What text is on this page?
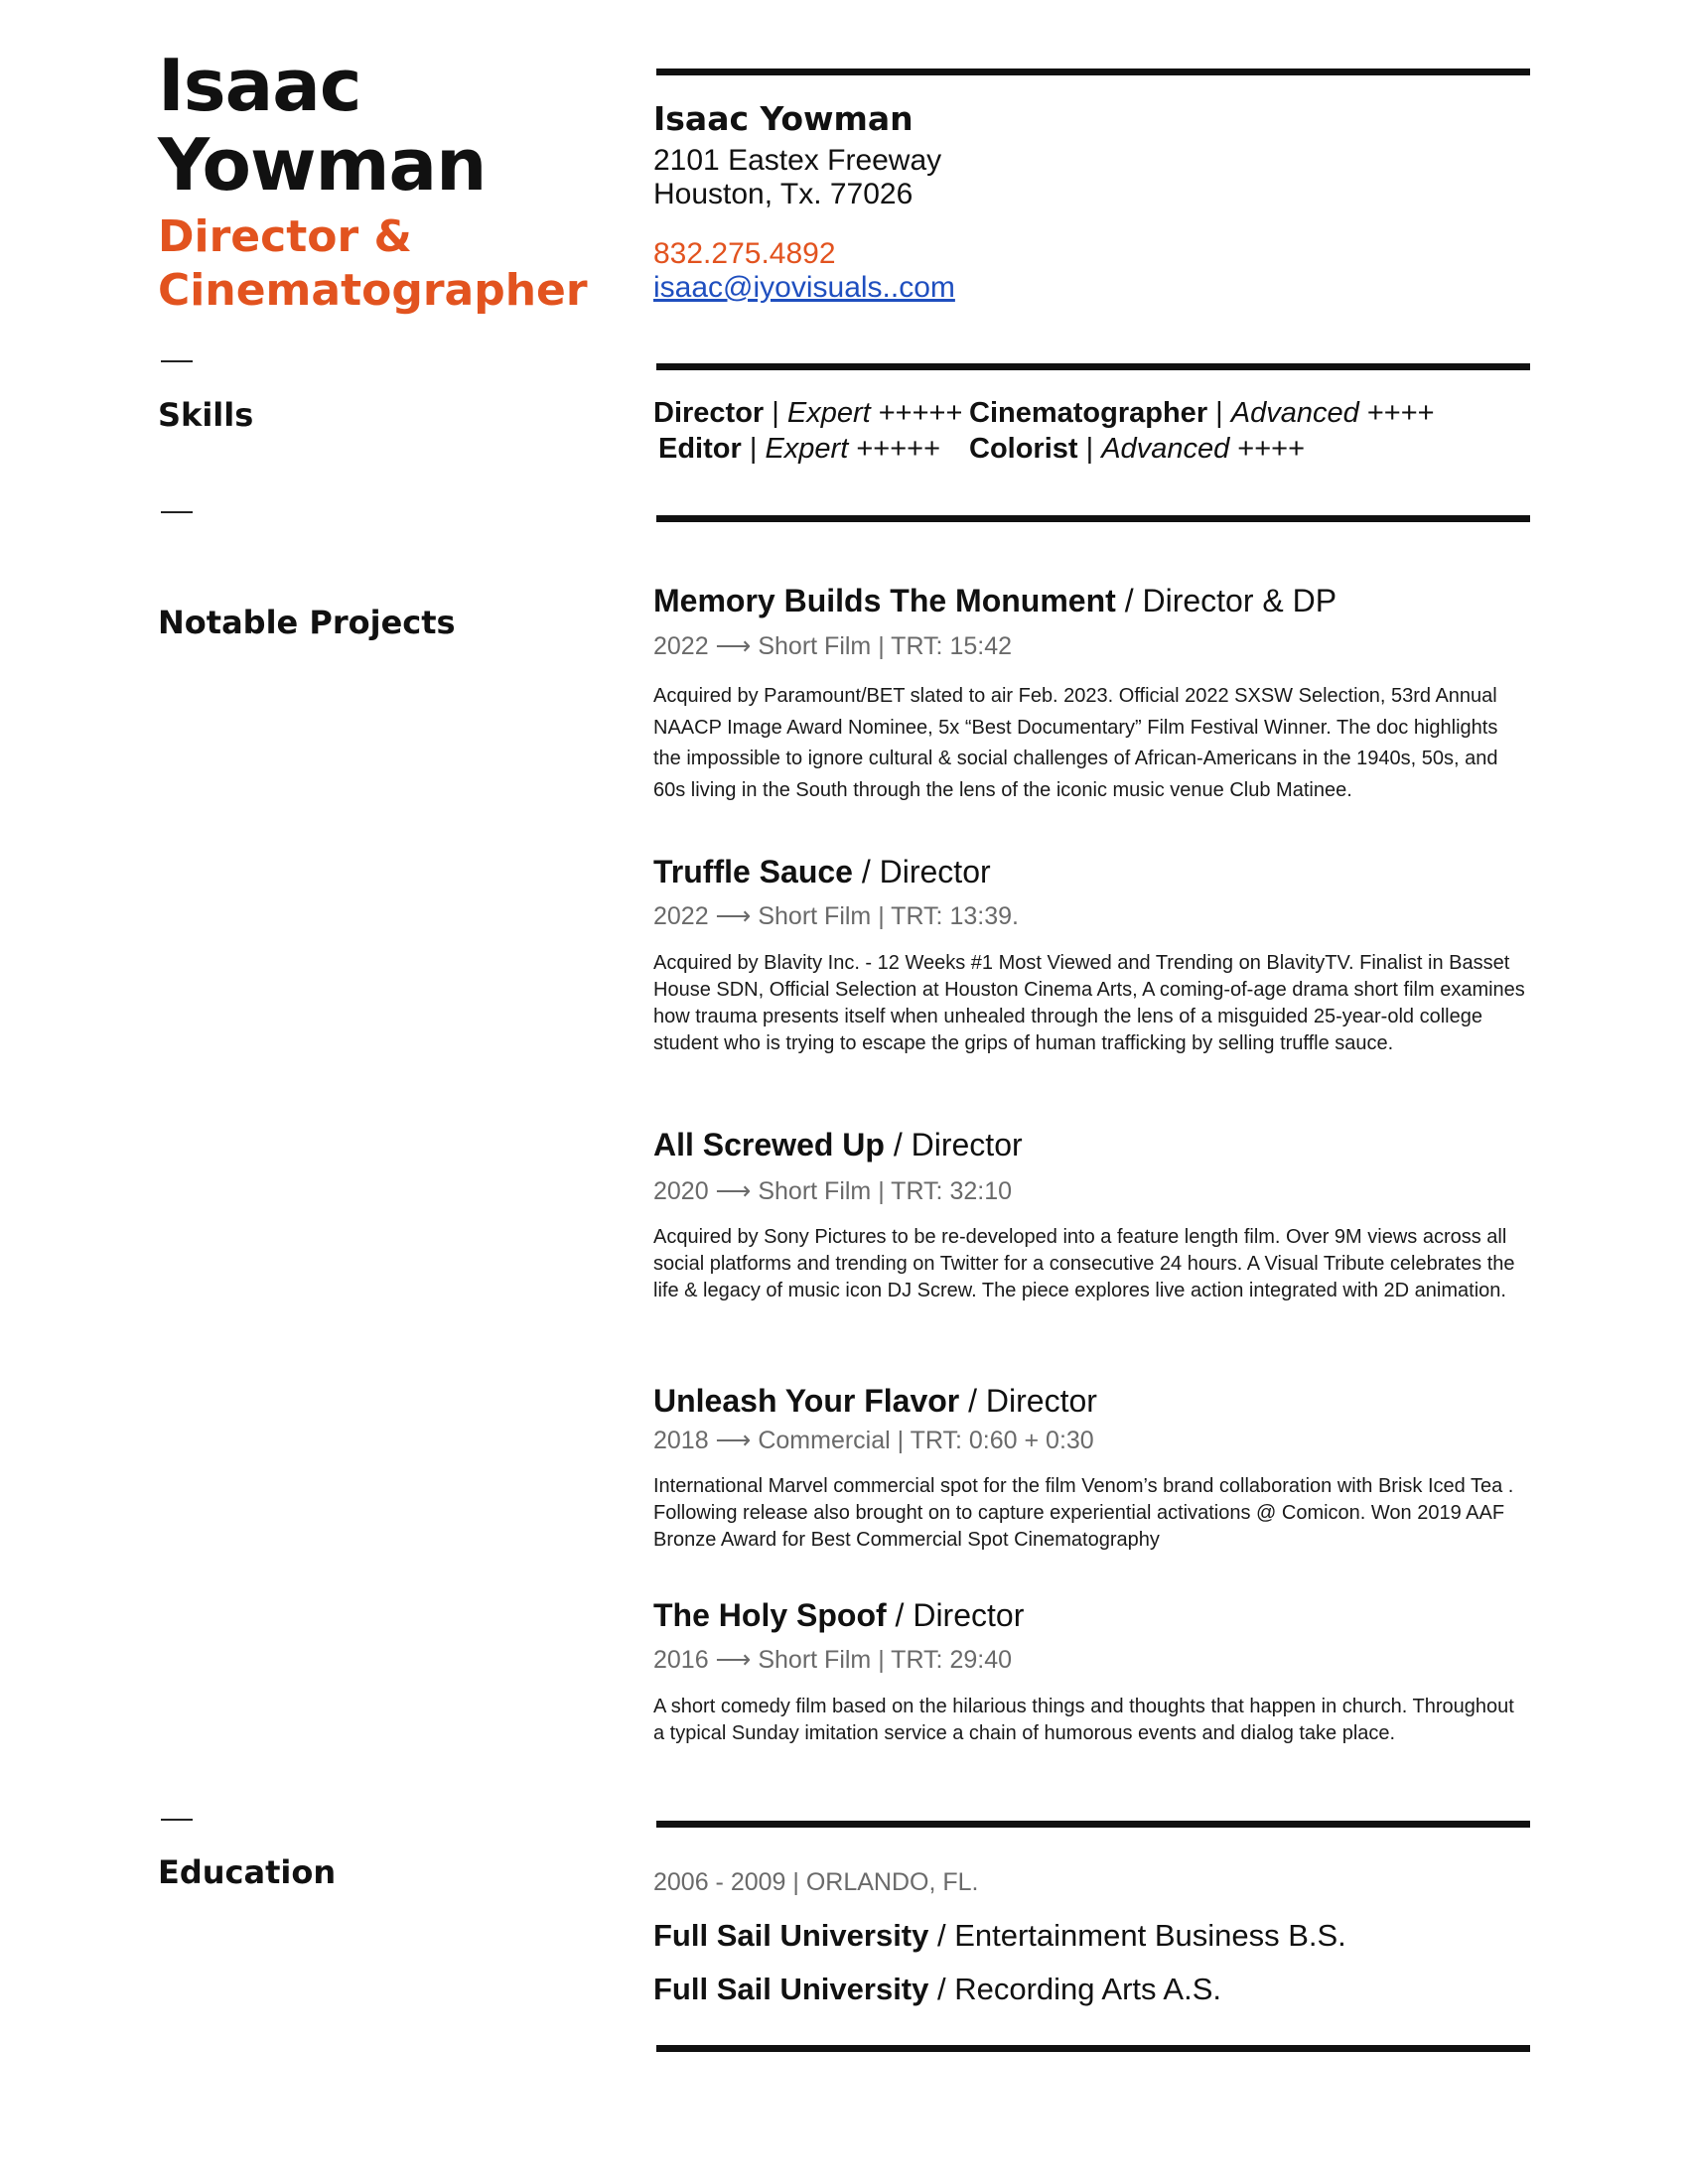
Isaac
Yowman
Director &
Cinematographer
Skills
Notable Projects
Education
Isaac Yowman
2101 Eastex Freeway
Houston, Tx. 77026
832.275.4892
isaac@iyovisuals..com
Director | Expert +++++ Cinematographer | Advanced ++++
Editor | Expert +++++ Colorist | Advanced ++++
Memory Builds The Monument / Director & DP
2022 ⟶ Short Film | TRT: 15:42
Acquired by Paramount/BET slated to air Feb. 2023. Official 2022 SXSW Selection, 53rd Annual NAACP Image Award Nominee, 5x “Best Documentary” Film Festival Winner. The doc highlights the impossible to ignore cultural & social challenges of African-Americans in the 1940s, 50s, and 60s living in the South through the lens of the iconic music venue Club Matinee.
Truffle Sauce / Director
2022 ⟶ Short Film | TRT: 13:39.
Acquired by Blavity Inc. - 12 Weeks #1 Most Viewed and Trending on BlavityTV. Finalist in Basset House SDN, Official Selection at Houston Cinema Arts, A coming-of-age drama short film examines how trauma presents itself when unhealed through the lens of a misguided 25-year-old college student who is trying to escape the grips of human trafficking by selling truffle sauce.
All Screwed Up / Director
2020 ⟶ Short Film | TRT: 32:10
Acquired by Sony Pictures to be re-developed into a feature length film. Over 9M views across all social platforms and trending on Twitter for a consecutive 24 hours. A Visual Tribute celebrates the life & legacy of music icon DJ Screw. The piece explores live action integrated with 2D animation.
Unleash Your Flavor / Director
2018 ⟶ Commercial | TRT: 0:60 + 0:30
International Marvel commercial spot for the film Venom’s brand collaboration with Brisk Iced Tea . Following release also brought on to capture experiential activations @ Comicon. Won 2019 AAF Bronze Award for Best Commercial Spot Cinematography
The Holy Spoof / Director
2016 ⟶ Short Film | TRT: 29:40
A short comedy film based on the hilarious things and thoughts that happen in church. Throughout a typical Sunday imitation service a chain of humorous events and dialog take place.
2006 - 2009 | ORLANDO, FL.
Full Sail University / Entertainment Business B.S.
Full Sail University / Recording Arts A.S.
